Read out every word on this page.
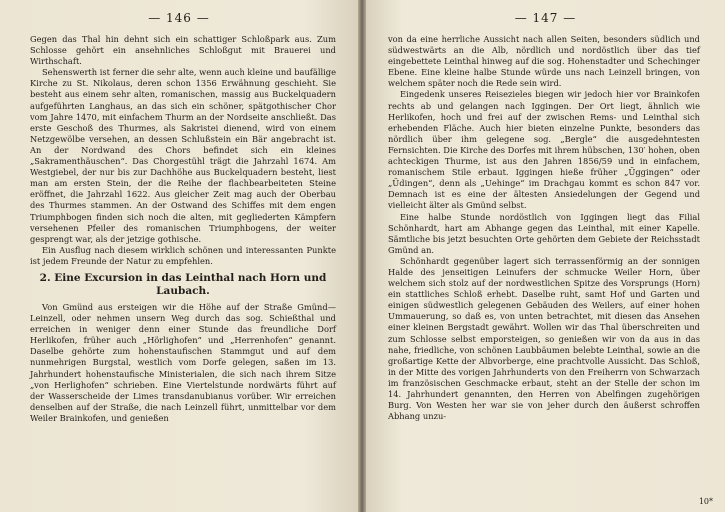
— 146 —

Gegen das Thal hin dehnt sich ein schattiger Schloßpark aus. Zum Schlosse gehört ein ansehnliches Schloßgut mit Brauerei und Wirthschaft.

Sehenswerth ist ferner die sehr alte, wenn auch kleine und baufällige Kirche zu St. Nikolaus, deren schon 1356 Erwähnung geschieht. Sie besteht aus einem sehr alten, romanischen, massig aus Buckelquadern aufgeführten Langhaus, an das sich ein schöner, spätgothischer Chor vom Jahre 1470, mit einfachem Thurm an der Nordseite anschließt. Das erste Geschoß des Thurmes, als Sakristei dienend, wird von einem Netzgewölbe versehen, an dessen Schlußstein ein Bär angebracht ist. An der Nordwand des Chors befindet sich ein kleines „Sakramenthäuschen“. Das Chorgestühl trägt die Jahrzahl 1674. Am Westgiebel, der nur bis zur Dachhöhe aus Buckelquadern besteht, liest man am ersten Stein, der die Reihe der flachbearbeiteten Steine eröffnet, die Jahrzahl 1622. Aus gleicher Zeit mag auch der Oberbau des Thurmes stammen. An der Ostwand des Schiffes mit dem engen Triumphbogen finden sich noch die alten, mit gegliederten Kämpfern versehenen Pfeiler des romanischen Triumphbogens, der weiter gesprengt war, als der jetzige gothische.

Ein Ausflug nach diesem wirklich schönen und interessanten Punkte ist jedem Freunde der Natur zu empfehlen.

2. Eine Excursion in das Leinthal nach Horn und Laubach.

Von Gmünd aus ersteigen wir die Höhe auf der Straße Gmünd—Leinzell, oder nehmen unsern Weg durch das sog. Schießthal und erreichen in weniger denn einer Stunde das freundliche Dorf Herlikofen, früher auch „Hörlighofen“ und „Herrenhofen“ genannt. Daselbe gehörte zum hohenstaufischen Stammgut und auf dem nunmehrigen Burgstal, westlich vom Dorfe gelegen, saßen im 13. Jahrhundert hohenstaufische Ministerialen, die sich nach ihrem Sitze „von Herlighofen“ schrieben. Eine Viertelstunde nordwärts führt auf der Wasserscheide der Limes transdanubianus vorüber. Wir erreichen denselben auf der Straße, die nach Leinzell führt, unmittelbar vor dem Weiler Brainkofen, und genießen

— 147 —

von da eine herrliche Aussicht nach allen Seiten, besonders südlich und südwestwärts an die Alb, nördlich und nordöstlich über das tief eingebettete Leinthal hinweg auf die sog. Hohenstadter und Schechinger Ebene. Eine kleine halbe Stunde würde uns nach Leinzell bringen, von welchem später noch die Rede sein wird.

Eingedenk unseres Reisezieles biegen wir jedoch hier vor Brainkofen rechts ab und gelangen nach Iggingen. Der Ort liegt, ähnlich wie Herlikofen, hoch und frei auf der zwischen Rems- und Leinthal sich erhebenden Fläche. Auch hier bieten einzelne Punkte, besonders das nördlich über ihm gelegene sog. „Bergle“ die ausgedehntesten Fernsichten. Die Kirche des Dorfes mit ihrem hübschen, 130′ hohen, oben achteckigen Thurme, ist aus den Jahren 1856/59 und in einfachem, romanischem Stile erbaut. Iggingen hieße früher „Üggingen“ oder „Üdingen“, denn als „Uehinge“ im Drachgau kommt es schon 847 vor. Demnach ist es eine der ältesten Ansiedelungen der Gegend und vielleicht älter als Gmünd selbst.

Eine halbe Stunde nordöstlich von Iggingen liegt das Filial Schönhardt, hart am Abhange gegen das Leinthal, mit einer Kapelle. Sämtliche bis jetzt besuchten Orte gehörten dem Gebiete der Reichsstadt Gmünd an.

Schönhardt gegenüber lagert sich terrassenförmig an der sonnigen Halde des jenseitigen Leinufers der schmucke Weiler Horn, über welchem sich stolz auf der nordwestlichen Spitze des Vorsprungs (Horn) ein stattliches Schloß erhebt. Daselbe ruht, samt Hof und Garten und einigen südwestlich gelegenen Gebäuden des Weilers, auf einer hohen Ummauerung, so daß es, von unten betrachtet, mit diesen das Ansehen einer kleinen Bergstadt gewährt. Wollen wir das Thal überschreiten und zum Schlosse selbst emporsteigen, so genießen wir von da aus in das nahe, friedliche, von schönen Laubbäumen belebte Leinthal, sowie an die großartige Kette der Albvorberge, eine prachtvolle Aussicht. Das Schloß, in der Mitte des vorigen Jahrhunderts von den Freiherrn von Schwarzach im französischen Geschmacke erbaut, steht an der Stelle der schon im 14. Jahrhundert genannten, den Herren von Abelfingen zugehörigen Burg. Von Westen her war sie von jeher durch den äußerst schroffen Abhang unzu-

10*
